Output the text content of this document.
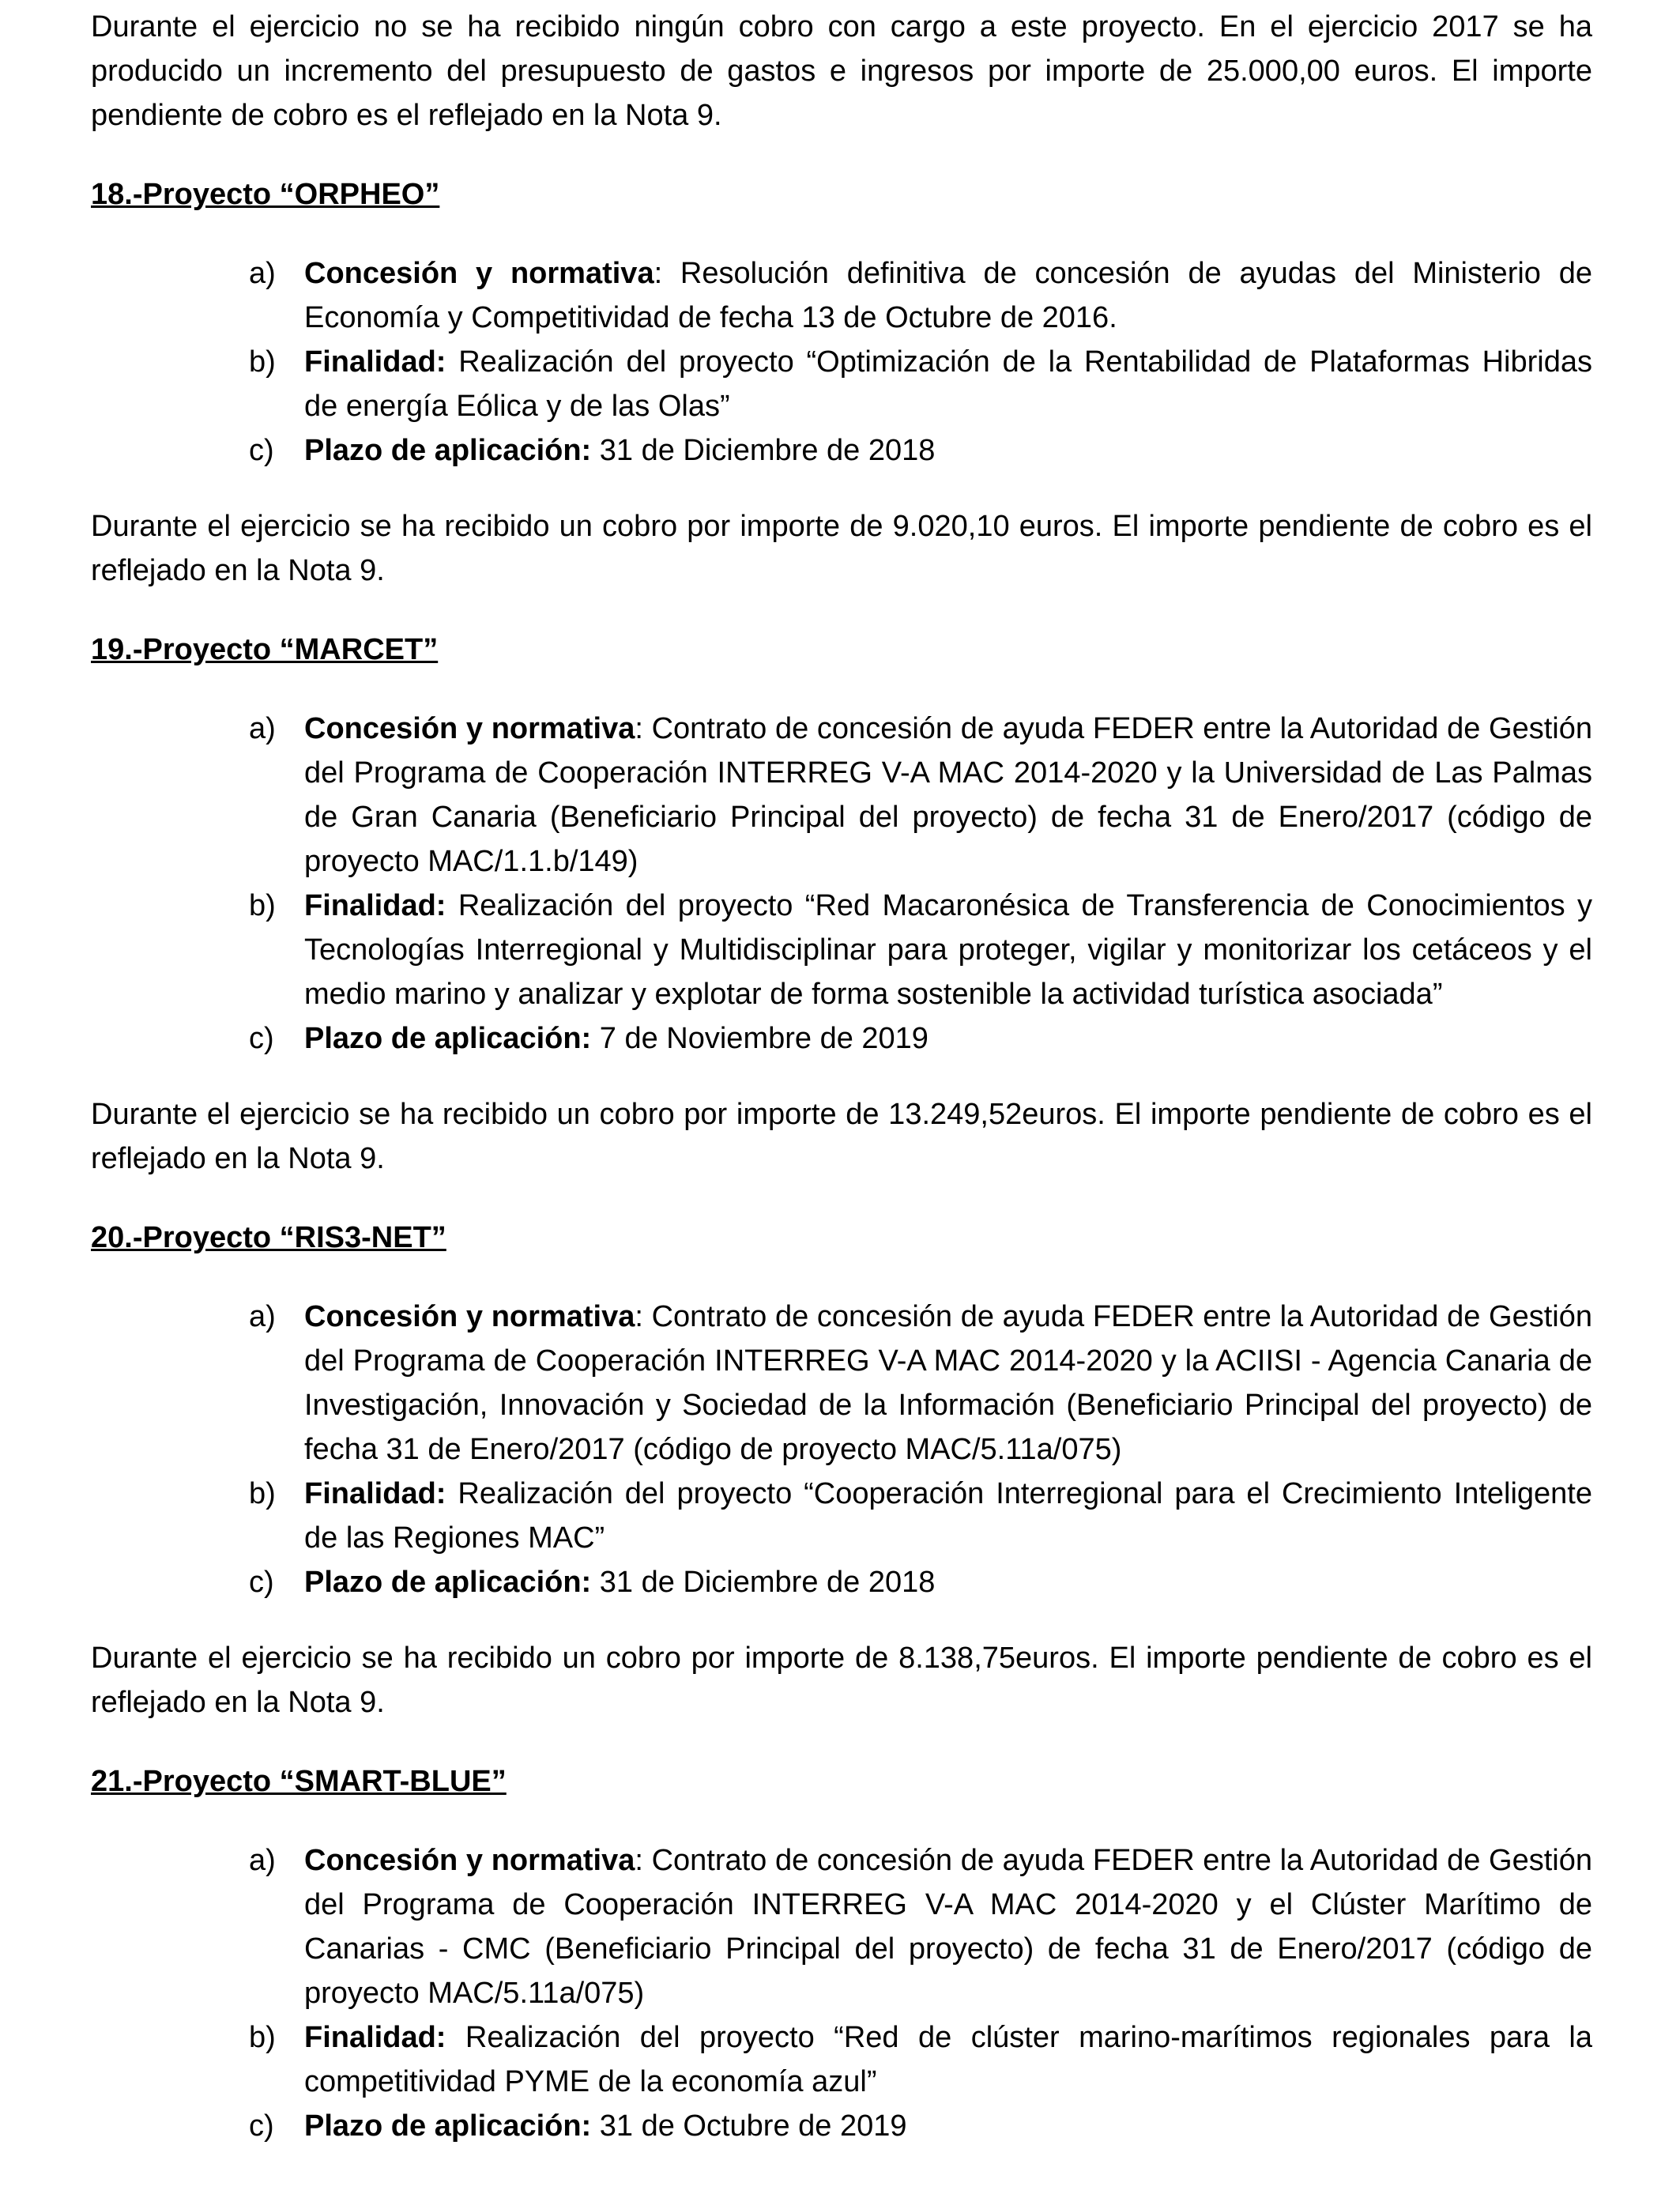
Durante el ejercicio no se ha recibido ningún cobro con cargo a este proyecto. En el ejercicio 2017 se ha producido un incremento del presupuesto de gastos e ingresos por importe de 25.000,00 euros. El importe pendiente de cobro es el reflejado en la Nota 9.

18.-Proyecto “ORPHEO”
a) Concesión y normativa: Resolución definitiva de concesión de ayudas del Ministerio de Economía y Competitividad de fecha 13 de Octubre de 2016.
b) Finalidad: Realización del proyecto “Optimización de la Rentabilidad de Plataformas Hibridas de energía Eólica y de las Olas”
c) Plazo de aplicación: 31 de Diciembre de 2018

Durante el ejercicio se ha recibido un cobro por importe de 9.020,10 euros. El importe pendiente de cobro es el reflejado en la Nota 9.

19.-Proyecto “MARCET”
a) Concesión y normativa: Contrato de concesión de ayuda FEDER entre la Autoridad de Gestión del Programa de Cooperación INTERREG V-A MAC 2014-2020 y la Universidad de Las Palmas de Gran Canaria (Beneficiario Principal del proyecto) de fecha 31 de Enero/2017 (código de proyecto MAC/1.1.b/149)
b) Finalidad: Realización del proyecto “Red Macaronésica de Transferencia de Conocimientos y Tecnologías Interregional y Multidisciplinar para proteger, vigilar y monitorizar los cetáceos y el medio marino y analizar y explotar de forma sostenible la actividad turística asociada”
c) Plazo de aplicación: 7 de Noviembre de 2019

Durante el ejercicio se ha recibido un cobro por importe de 13.249,52euros. El importe pendiente de cobro es el reflejado en la Nota 9.

20.-Proyecto “RIS3-NET”
a) Concesión y normativa: Contrato de concesión de ayuda FEDER entre la Autoridad de Gestión del Programa de Cooperación INTERREG V-A MAC 2014-2020 y la ACIISI - Agencia Canaria de Investigación, Innovación y Sociedad de la Información (Beneficiario Principal del proyecto) de fecha 31 de Enero/2017 (código de proyecto MAC/5.11a/075)
b) Finalidad: Realización del proyecto “Cooperación Interregional para el Crecimiento Inteligente de las Regiones MAC”
c) Plazo de aplicación: 31 de Diciembre de 2018

Durante el ejercicio se ha recibido un cobro por importe de 8.138,75euros. El importe pendiente de cobro es el reflejado en la Nota 9.

21.-Proyecto “SMART-BLUE”
a) Concesión y normativa: Contrato de concesión de ayuda FEDER entre la Autoridad de Gestión del Programa de Cooperación INTERREG V-A MAC 2014-2020 y el Clúster Marítimo de Canarias - CMC (Beneficiario Principal del proyecto) de fecha 31 de Enero/2017 (código de proyecto MAC/5.11a/075)
b) Finalidad: Realización del proyecto “Red de clúster marino-marítimos regionales para la competitividad PYME de la economía azul”
c) Plazo de aplicación: 31 de Octubre de 2019
